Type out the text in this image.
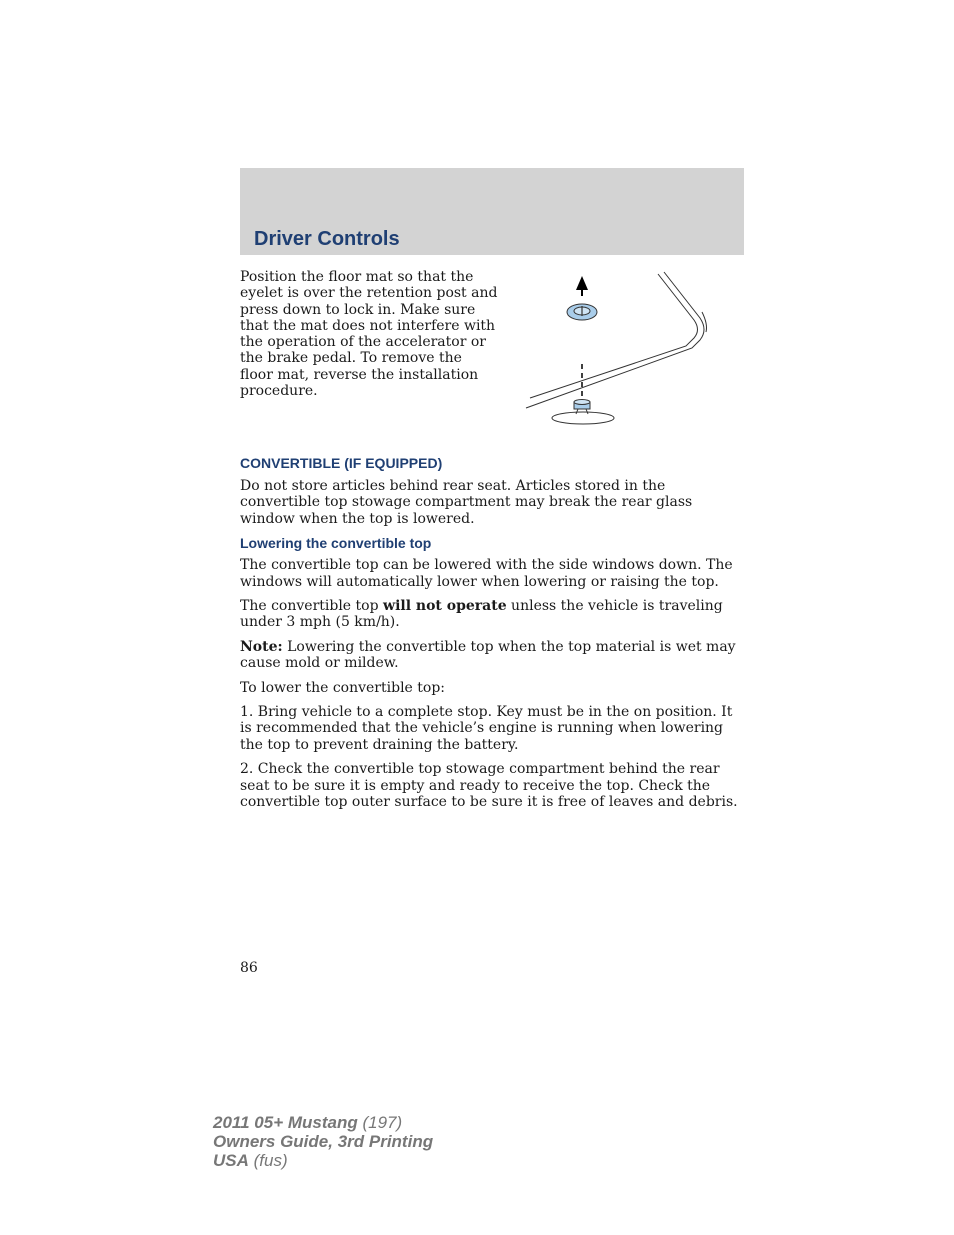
Driver Controls

Position the floor mat so that the eyelet is over the retention post and press down to lock in. Make sure that the mat does not interfere with the operation of the accelerator or the brake pedal. To remove the floor mat, reverse the installation procedure.

CONVERTIBLE (IF EQUIPPED)

Do not store articles behind rear seat. Articles stored in the convertible top stowage compartment may break the rear glass window when the top is lowered.

Lowering the convertible top

The convertible top can be lowered with the side windows down. The windows will automatically lower when lowering or raising the top.

The convertible top will not operate unless the vehicle is traveling under 3 mph (5 km/h).

Note: Lowering the convertible top when the top material is wet may cause mold or mildew.

To lower the convertible top:

1. Bring vehicle to a complete stop. Key must be in the on position. It is recommended that the vehicle’s engine is running when lowering the top to prevent draining the battery.

2. Check the convertible top stowage compartment behind the rear seat to be sure it is empty and ready to receive the top. Check the convertible top outer surface to be sure it is free of leaves and debris.

86
2011 05+ Mustang (197)
Owners Guide, 3rd Printing
USA (fus)
